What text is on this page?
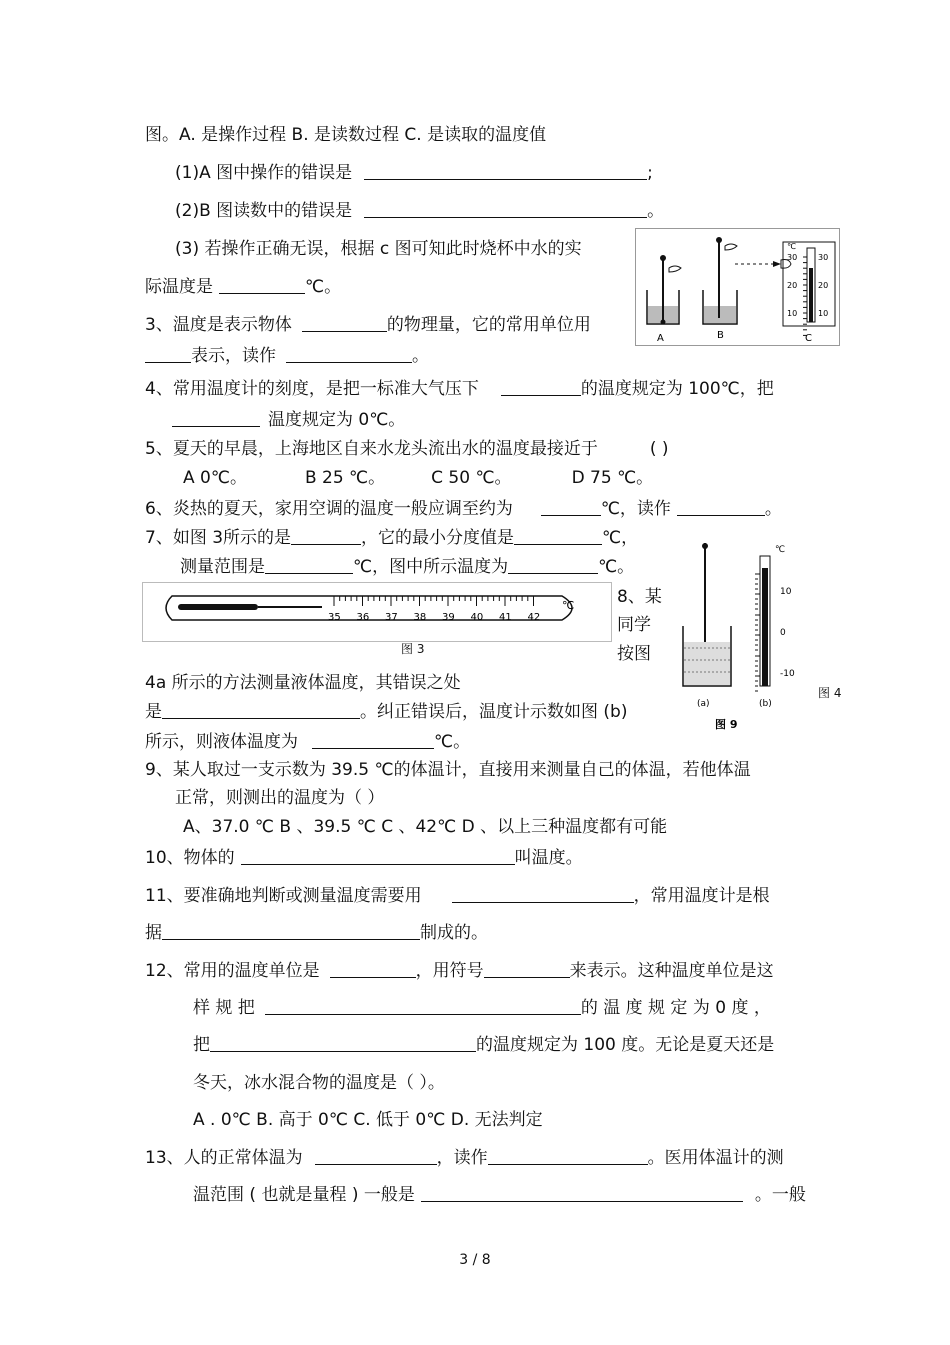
图。A. 是操作过程 B. 是读数过程 C. 是读取的温度值
(1)A 图中操作的错误是	;
(2)B 图读数中的错误是	。
(3) 若操作正确无误，根据 c 图可知此时烧杯中水的实
际温度是	℃。
3、温度是表示物体	的物理量，它的常用单位用
表示，读作	。
4、常用温度计的刻度，是把一标准大气压下	的温度规定为 100℃，把
温度规定为 0℃。
5、夏天的早晨，上海地区自来水龙头流出水的温度最接近于	( )
A 0℃。	B 25 ℃。	C 50 ℃。	D 75 ℃。
6、炎热的夏天，家用空调的温度一般应调至约为	℃，读作	。
7、如图 3所示的是	，它的最小分度值是	℃，
测量范围是	℃，图中所示温度为	℃。
8、某
同学
按图
4a 所示的方法测量液体温度，其错误之处
是	。纠正错误后，温度计示数如图 (b)
所示，则液体温度为	℃。
9、某人取过一支示数为 39.5 ℃的体温计，直接用来测量自己的体温，若他体温
正常，则测出的温度为（ ）
A、37.0 ℃ B 、39.5 ℃ C 、42℃ D 、以上三种温度都有可能
10、物体的	叫温度。
11、要准确地判断或测量温度需要用	，常用温度计是根
据	制成的。
12、常用的温度单位是	，用符号	来表示。这种温度单位是这
样 规 把	的 温 度 规 定 为 0 度 ，
把	的温度规定为 100 度。无论是夏天还是
冬天，冰水混合物的温度是（ ）。
A . 0℃ B. 高于 0℃ C. 低于 0℃ D. 无法判定
13、人的正常体温为	，读作	。医用体温计的测
温范围 ( 也就是量程 ) 一般是	。一般
℃
30	30
20	20
10	10
A	B	C
35 36 37 38 39 40 41 42
℃
图 3
℃
10
0
-10
(a)	(b)
图 9
图 4
3 / 8
